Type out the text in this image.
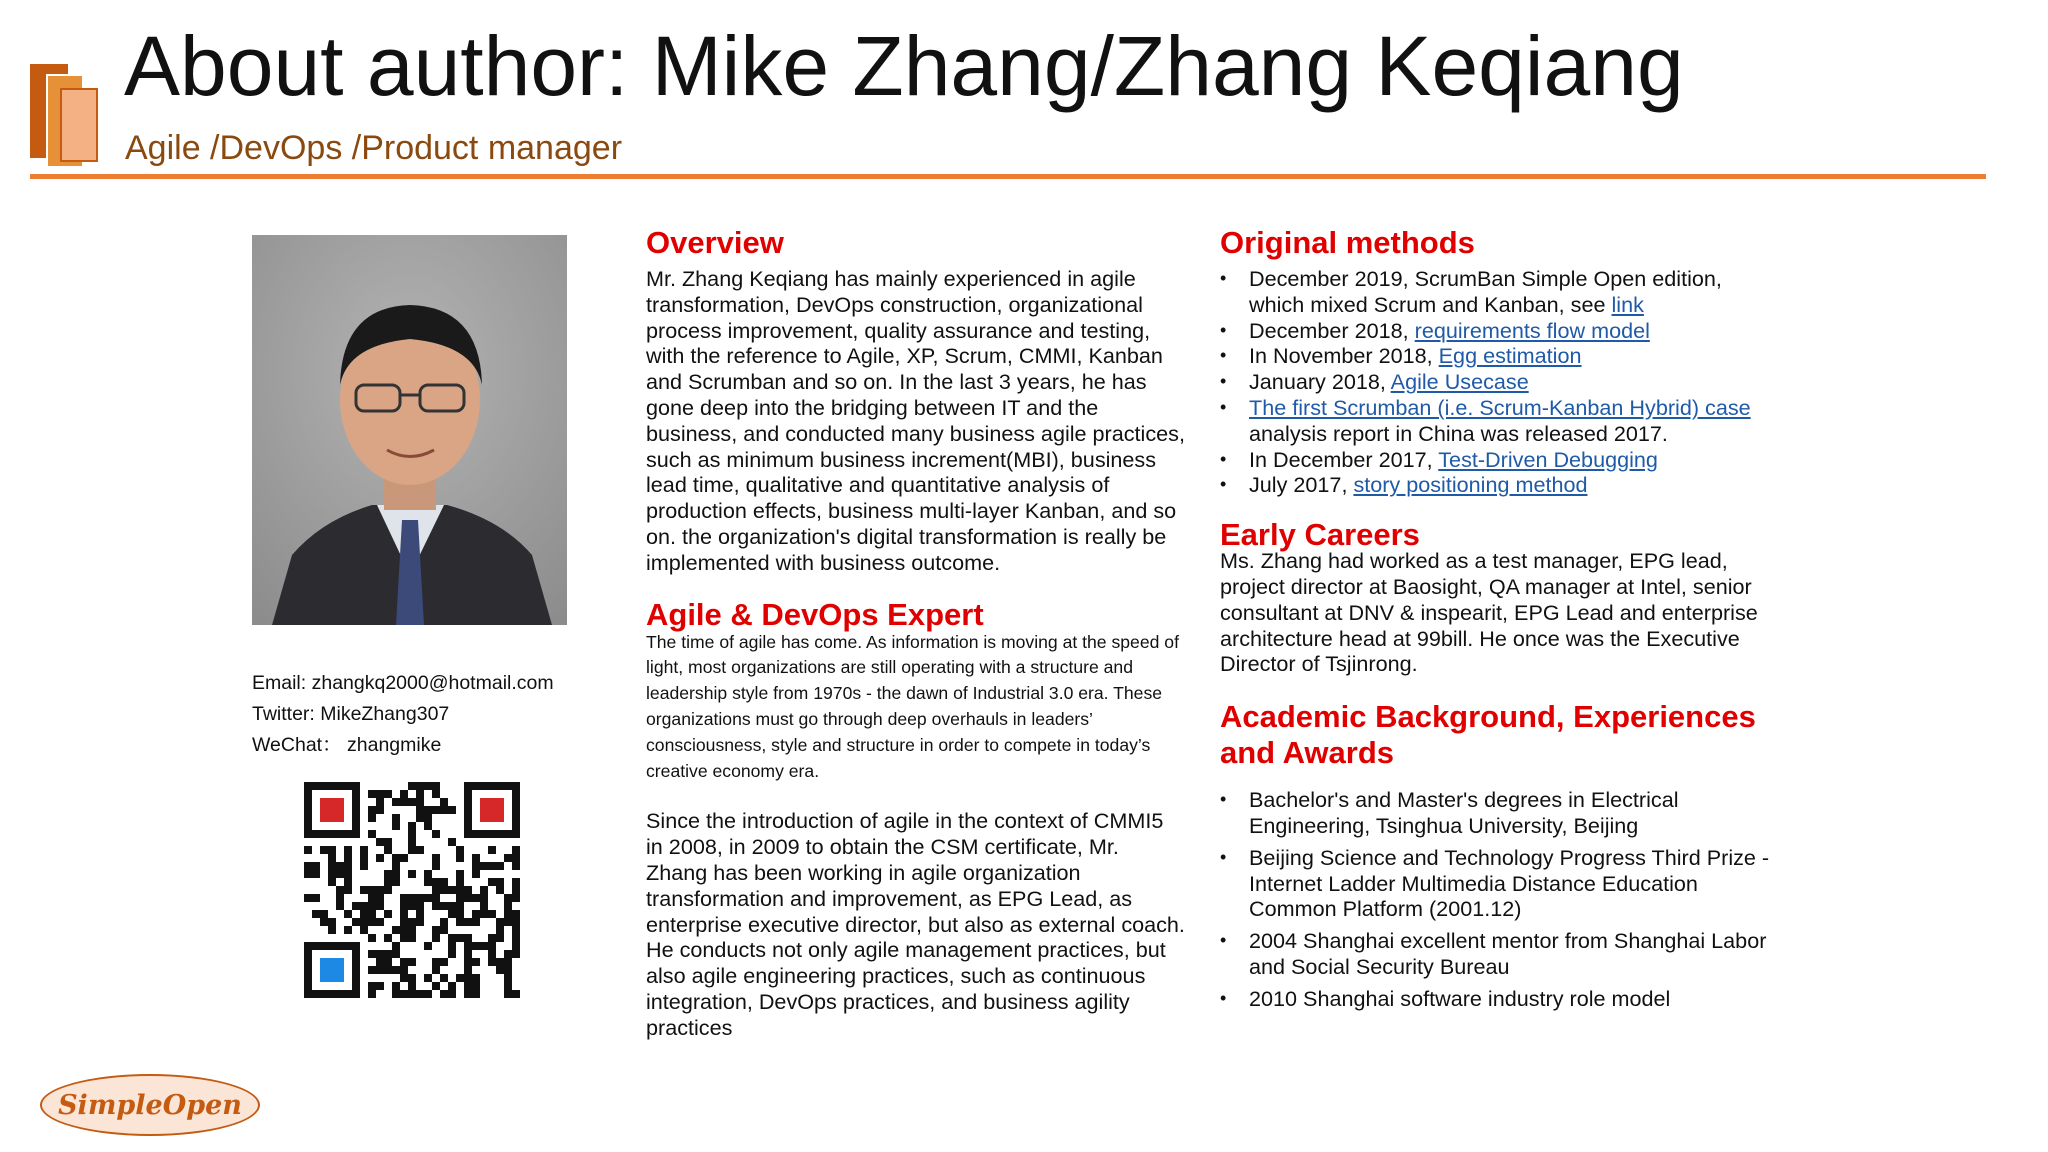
About author: Mike Zhang/Zhang Keqiang
Agile /DevOps /Product manager
Email: zhangkq2000@hotmail.com
Twitter: MikeZhang307
WeChat： zhangmike
SimpleOpen
Overview
Mr. Zhang Keqiang has mainly experienced in agile transformation, DevOps construction, organizational process improvement, quality assurance and testing, with the reference to Agile, XP, Scrum, CMMI, Kanban and Scrumban and so on. In the last 3 years, he has gone deep into the bridging between IT and the business, and conducted many business agile practices, such as minimum business increment(MBI), business lead time, qualitative and quantitative analysis of production effects, business multi-layer Kanban, and so on. the organization's digital transformation is really be implemented with business outcome.
Agile & DevOps Expert
The time of agile has come. As information is moving at the speed of light, most organizations are still operating with a structure and leadership style from 1970s - the dawn of Industrial 3.0 era. These organizations must go through deep overhauls in leaders’ consciousness, style and structure in order to compete in today’s creative economy era.
Since the introduction of agile in the context of CMMI5 in 2008, in 2009 to obtain the CSM certificate, Mr. Zhang has been working in agile organization transformation and improvement, as EPG Lead, as enterprise executive director, but also as external coach. He conducts not only agile management practices, but also agile engineering practices, such as continuous integration, DevOps practices, and business agility practices
Original methods
• December 2019, ScrumBan Simple Open edition, which mixed Scrum and Kanban, see link
• December 2018, requirements flow model
• In November 2018, Egg estimation
• January 2018, Agile Usecase
• The first Scrumban (i.e. Scrum-Kanban Hybrid) case analysis report in China was released 2017.
• In December 2017, Test-Driven Debugging
• July 2017, story positioning method
Early Careers
Ms. Zhang had worked as a test manager, EPG lead, project director at Baosight, QA manager at Intel, senior consultant at DNV & inspearit, EPG Lead and enterprise architecture head at 99bill. He once was the Executive Director of Tsjinrong.
Academic Background, Experiences and Awards
• Bachelor's and Master's degrees in Electrical Engineering, Tsinghua University, Beijing
• Beijing Science and Technology Progress Third Prize - Internet Ladder Multimedia Distance Education Common Platform (2001.12)
• 2004 Shanghai excellent mentor from Shanghai Labor and Social Security Bureau
• 2010 Shanghai software industry role model
